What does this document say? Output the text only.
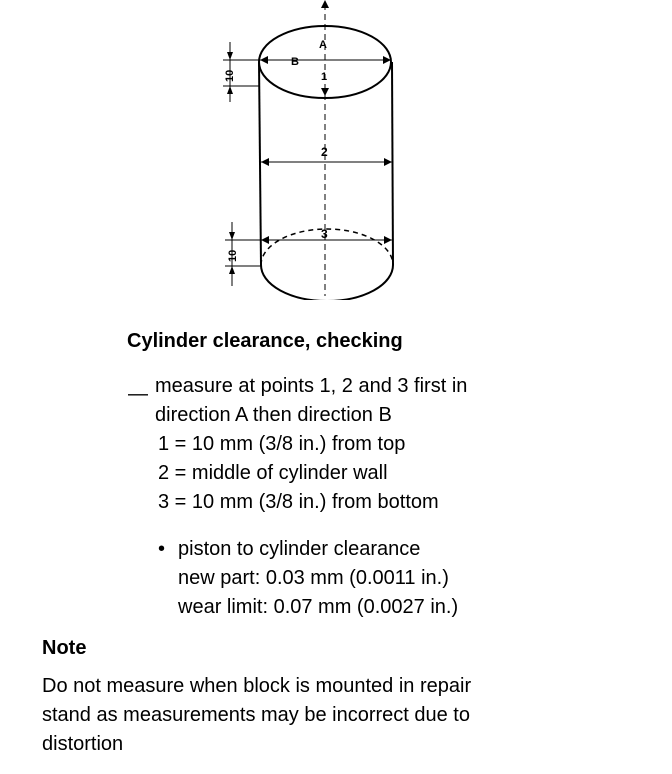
10
10
A
B
1
2
3
Cylinder clearance, checking
— measure at points 1, 2 and 3 first in
direction A then direction B
1 = 10 mm (3/8 in.) from top
2 = middle of cylinder wall
3 = 10 mm (3/8 in.) from bottom
• piston to cylinder clearance
new part: 0.03 mm (0.0011 in.)
wear limit: 0.07 mm (0.0027 in.)
Note
Do not measure when block is mounted in repair
stand as measurements may be incorrect due to
distortion
